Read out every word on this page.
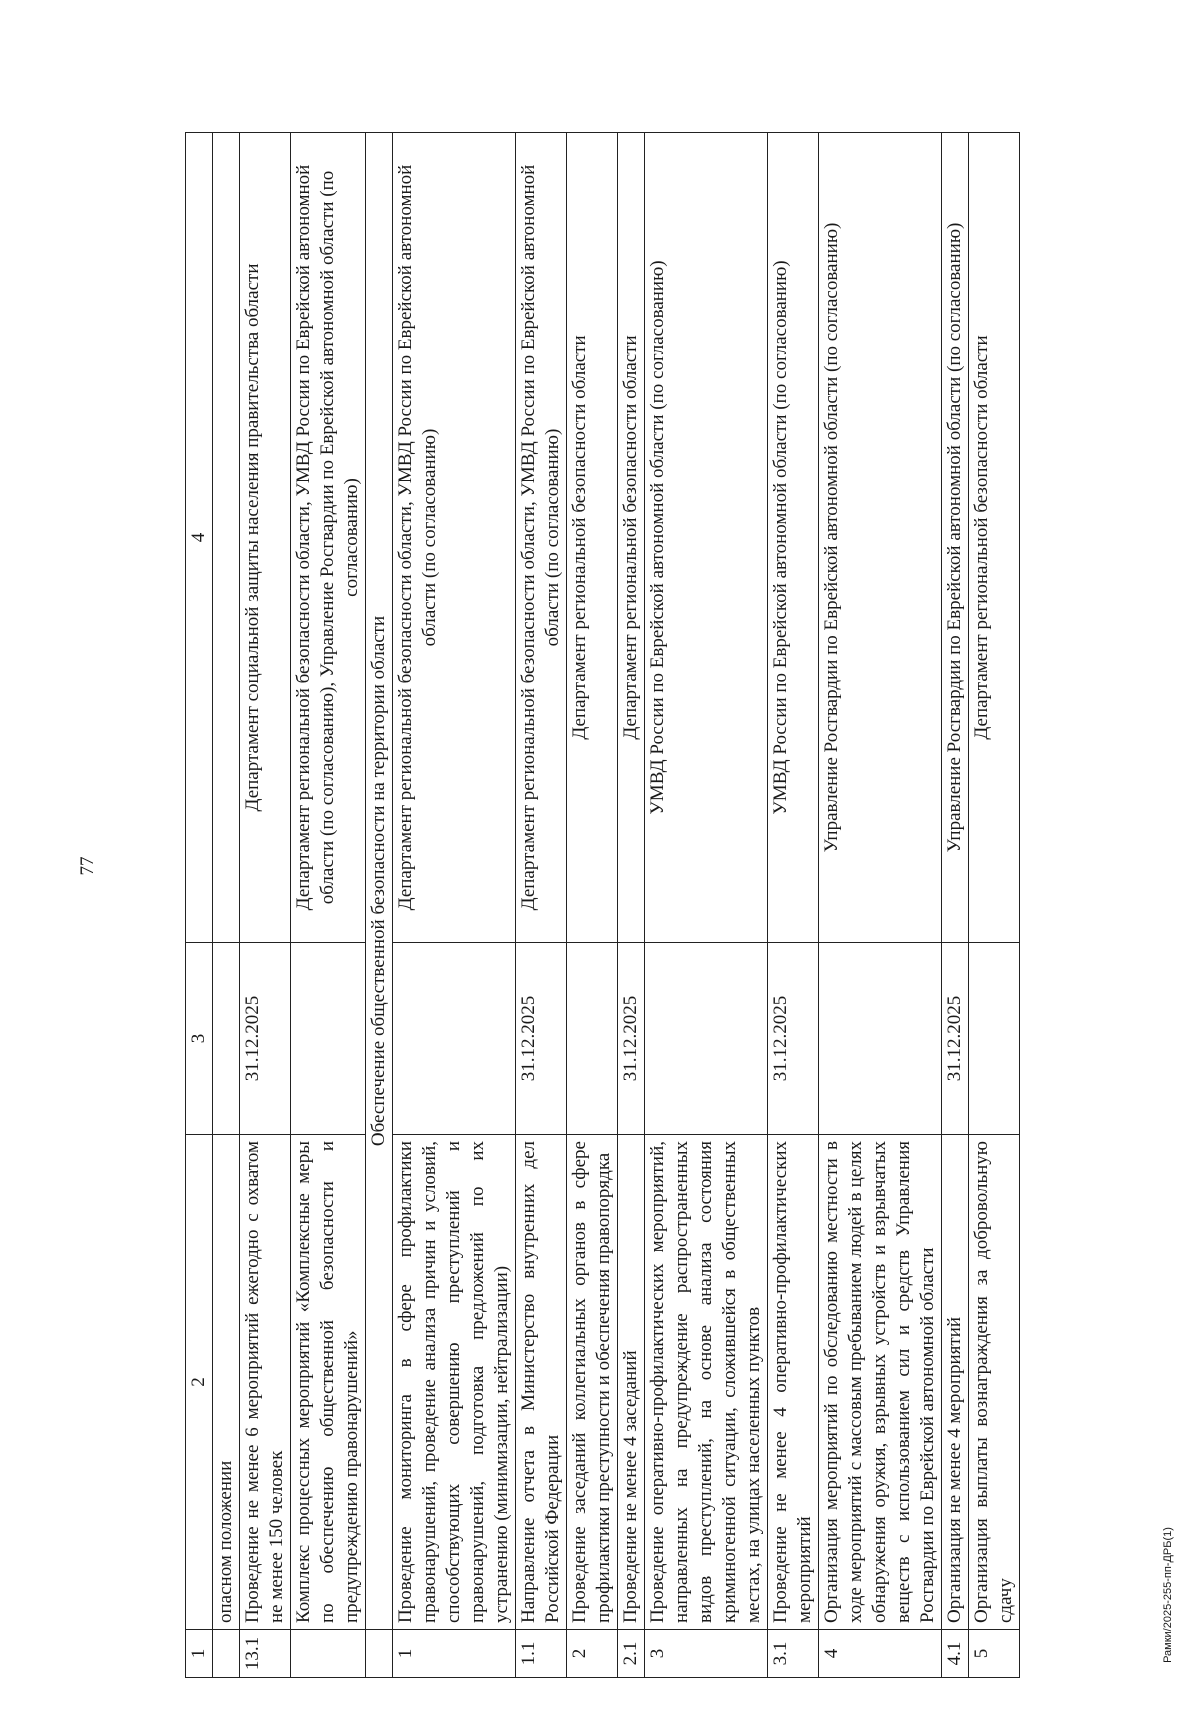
77
Рамки/2025-255-пп-ДРБ(1)
1	2	3	4
	опасном положении		
13.1	Проведение не менее 6 мероприятий ежегодно с охватом не менее 150 человек	31.12.2025	Департамент социальной защиты населения правительства области
	Комплекс процессных мероприятий «Комплексные меры по обеспечению общественной безопасности и предупреждению правонарушений»		Департамент региональной безопасности области, УМВД России по Еврейской автономной области (по согласованию), Управление Росгвардии по Еврейской автономной области (по согласованию)
	Обеспечение общественной безопасности на территории области		
1	Проведение мониторинга в сфере профилактики правонарушений, проведение анализа причин и условий, способствующих совершению преступлений и правонарушений, подготовка предложений по их устранению (минимизации, нейтрализации)		Департамент региональной безопасности области, УМВД России по Еврейской автономной области (по согласованию)
1.1	Направление отчета в Министерство внутренних дел Российской Федерации	31.12.2025	Департамент региональной безопасности области, УМВД России по Еврейской автономной области (по согласованию)
2	Проведение заседаний коллегиальных органов в сфере профилактики преступности и обеспечения правопорядка		Департамент региональной безопасности области
2.1	Проведение не менее 4 заседаний	31.12.2025	Департамент региональной безопасности области
3	Проведение оперативно-профилактических мероприятий, направленных на предупреждение распространенных видов преступлений, на основе анализа состояния криминогенной ситуации, сложившейся в общественных местах, на улицах населенных пунктов		УМВД России по Еврейской автономной области (по согласованию)
3.1	Проведение не менее 4 оперативно-профилактических мероприятий	31.12.2025	УМВД России по Еврейской автономной области (по согласованию)
4	Организация мероприятий по обследованию местности в ходе мероприятий с массовым пребыванием людей в целях обнаружения оружия, взрывных устройств и взрывчатых веществ с использованием сил и средств Управления Росгвардии по Еврейской автономной области		Управление Росгвардии по Еврейской автономной области (по согласованию)
4.1	Организация не менее 4 мероприятий	31.12.2025	Управление Росгвардии по Еврейской автономной области (по согласованию)
5	Организация выплаты вознаграждения за добровольную сдачу		Департамент региональной безопасности области
